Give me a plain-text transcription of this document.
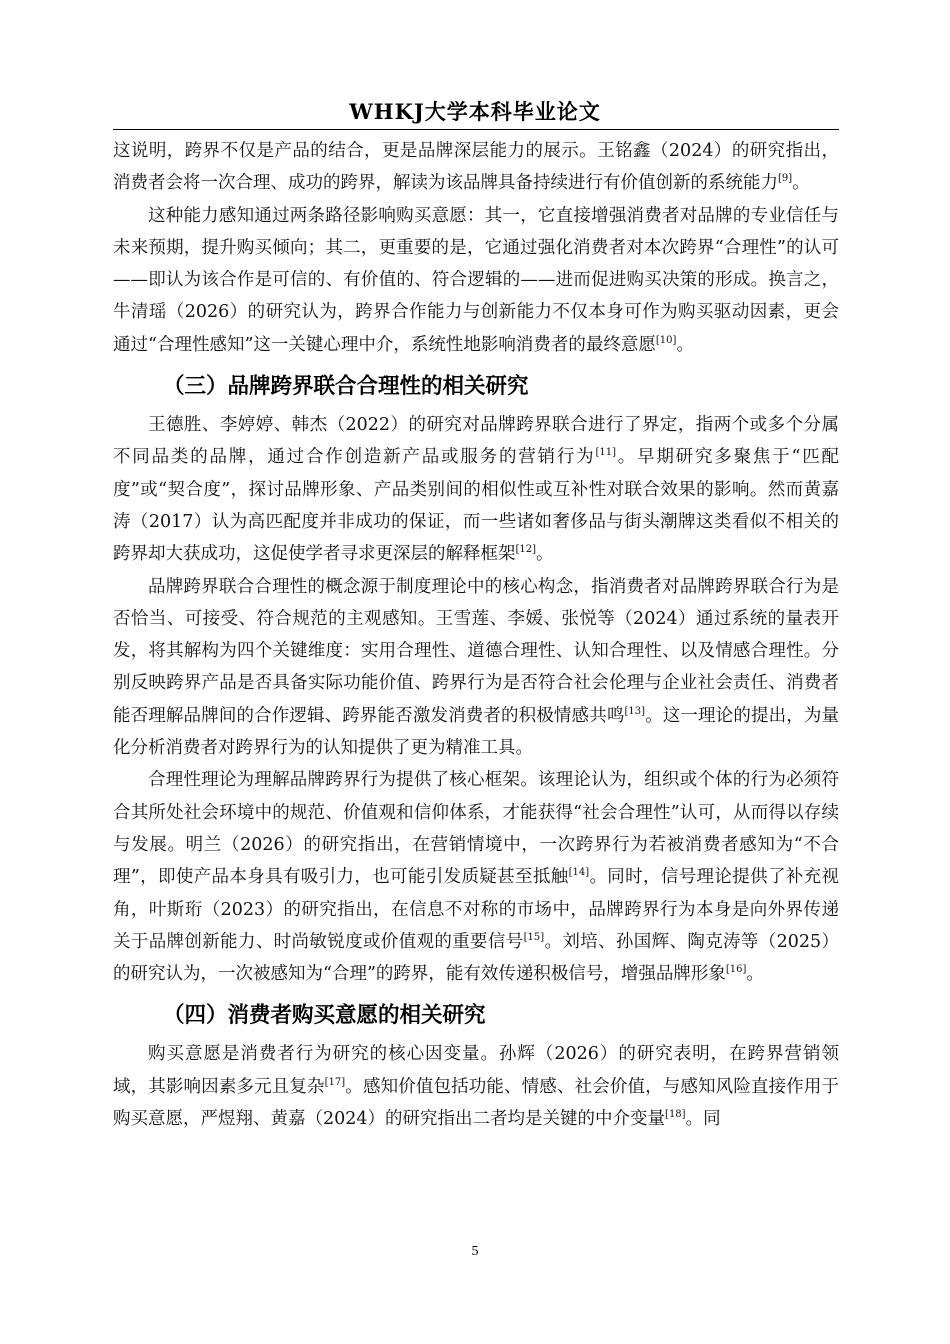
WHKJ大学本科毕业论文

这说明，跨界不仅是产品的结合，更是品牌深层能力的展示。王铭鑫（2024）的研究指出，消费者会将一次合理、成功的跨界，解读为该品牌具备持续进行有价值创新的系统能力[9]。

这种能力感知通过两条路径影响购买意愿：其一，它直接增强消费者对品牌的专业信任与未来预期，提升购买倾向；其二，更重要的是，它通过强化消费者对本次跨界“合理性”的认可——即认为该合作是可信的、有价值的、符合逻辑的——进而促进购买决策的形成。换言之，牛清瑶（2026）的研究认为，跨界合作能力与创新能力不仅本身可作为购买驱动因素，更会通过“合理性感知”这一关键心理中介，系统性地影响消费者的最终意愿[10]。

（三）品牌跨界联合合理性的相关研究

王德胜、李婷婷、韩杰（2022）的研究对品牌跨界联合进行了界定，指两个或多个分属不同品类的品牌，通过合作创造新产品或服务的营销行为[11]。早期研究多聚焦于“匹配度”或“契合度”，探讨品牌形象、产品类别间的相似性或互补性对联合效果的影响。然而黄嘉涛（2017）认为高匹配度并非成功的保证，而一些诸如奢侈品与街头潮牌这类看似不相关的跨界却大获成功，这促使学者寻求更深层的解释框架[12]。

品牌跨界联合合理性的概念源于制度理论中的核心构念，指消费者对品牌跨界联合行为是否恰当、可接受、符合规范的主观感知。王雪莲、李媛、张悦等（2024）通过系统的量表开发，将其解构为四个关键维度：实用合理性、道德合理性、认知合理性、以及情感合理性。分别反映跨界产品是否具备实际功能价值、跨界行为是否符合社会伦理与企业社会责任、消费者能否理解品牌间的合作逻辑、跨界能否激发消费者的积极情感共鸣[13]。这一理论的提出，为量化分析消费者对跨界行为的认知提供了更为精准工具。

合理性理论为理解品牌跨界行为提供了核心框架。该理论认为，组织或个体的行为必须符合其所处社会环境中的规范、价值观和信仰体系，才能获得“社会合理性”认可，从而得以存续与发展。明兰（2026）的研究指出，在营销情境中，一次跨界行为若被消费者感知为“不合理”，即使产品本身具有吸引力，也可能引发质疑甚至抵触[14]。同时，信号理论提供了补充视角，叶斯珩（2023）的研究指出，在信息不对称的市场中，品牌跨界行为本身是向外界传递关于品牌创新能力、时尚敏锐度或价值观的重要信号[15]。刘培、孙国辉、陶克涛等（2025）的研究认为，一次被感知为“合理”的跨界，能有效传递积极信号，增强品牌形象[16]。

（四）消费者购买意愿的相关研究

购买意愿是消费者行为研究的核心因变量。孙辉（2026）的研究表明，在跨界营销领域，其影响因素多元且复杂[17]。感知价值包括功能、情感、社会价值，与感知风险直接作用于购买意愿，严煜翔、黄嘉（2024）的研究指出二者均是关键的中介变量[18]。同

5
